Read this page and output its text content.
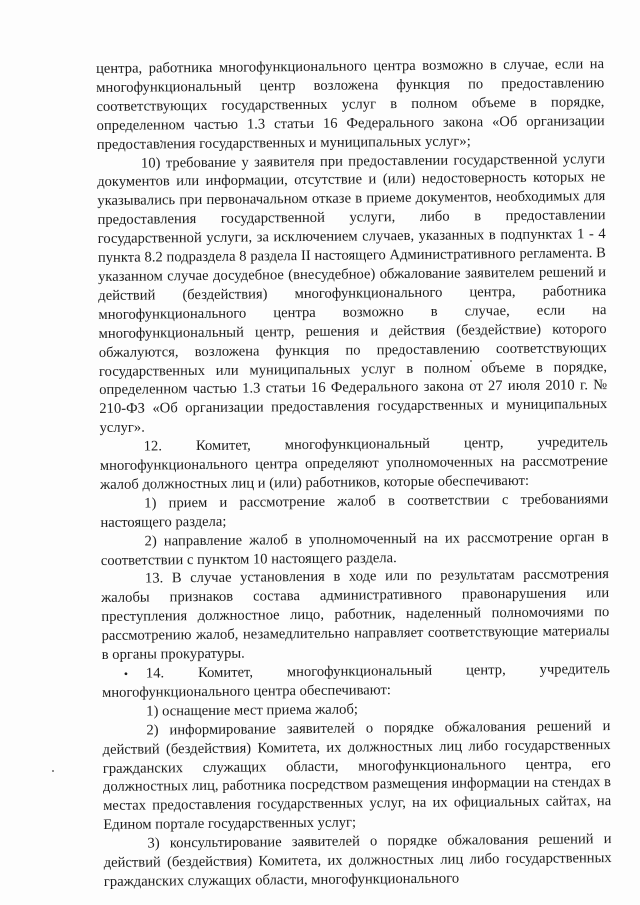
центра, работника многофункционального центра возможно в случае, если на многофункциональный центр возложена функция по предоставлению соответствующих государственных услуг в полном объеме в порядке, определенном частью 1.3 статьи 16 Федерального закона «Об организации предоставления государственных и муниципальных услуг»;

10) требование у заявителя при предоставлении государственной услуги документов или информации, отсутствие и (или) недостоверность которых не указывались при первоначальном отказе в приеме документов, необходимых для предоставления государственной услуги, либо в предоставлении государственной услуги, за исключением случаев, указанных в подпунктах 1 - 4 пункта 8.2 подраздела 8 раздела II настоящего Административного регламента. В указанном случае досудебное (внесудебное) обжалование заявителем решений и действий (бездействия) многофункционального центра, работника многофункционального центра возможно в случае, если на многофункциональный центр, решения и действия (бездействие) которого обжалуются, возложена функция по предоставлению соответствующих государственных или муниципальных услуг в полном объеме в порядке, определенном частью 1.3 статьи 16 Федерального закона от 27 июля 2010 г. № 210-ФЗ «Об организации предоставления государственных и муниципальных услуг».

12. Комитет, многофункциональный центр, учредитель многофункционального центра определяют уполномоченных на рассмотрение жалоб должностных лиц и (или) работников, которые обеспечивают:

1) прием и рассмотрение жалоб в соответствии с требованиями настоящего раздела;

2) направление жалоб в уполномоченный на их рассмотрение орган в соответствии с пунктом 10 настоящего раздела.

13. В случае установления в ходе или по результатам рассмотрения жалобы признаков состава административного правонарушения или преступления должностное лицо, работник, наделенный полномочиями по рассмотрению жалоб, незамедлительно направляет соответствующие материалы в органы прокуратуры.

• 14. Комитет, многофункциональный центр, учредитель многофункционального центра обеспечивают:

1) оснащение мест приема жалоб;

2) информирование заявителей о порядке обжалования решений и действий (бездействия) Комитета, их должностных лиц либо государственных гражданских служащих области, многофункционального центра, его должностных лиц, работника посредством размещения информации на стендах в местах предоставления государственных услуг, на их официальных сайтах, на Едином портале государственных услуг;

3) консультирование заявителей о порядке обжалования решений и действий (бездействия) Комитета, их должностных лиц либо государственных гражданских служащих области, многофункционального
